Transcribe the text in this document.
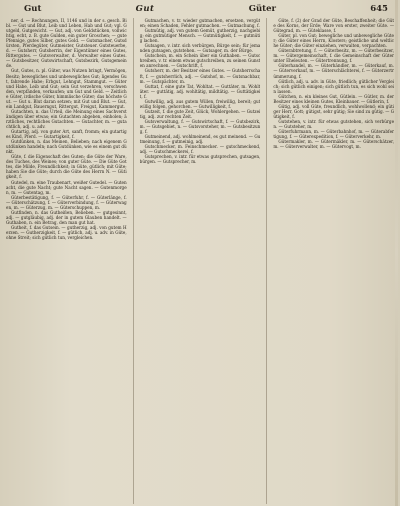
Gut	Gut	Güter	645

ner, d. — Rechnungen, II, 1146 und in der s. gesch. Bibl. — Gut und Blut, Leib und Leben, Hab und Gut; vgl. Gutgeld, Gutgewicht. — Gut, adj. von Geldstücken, vollwichtig, echt, z. B. gute Gulden, ein guter Groschen; — gute Pfennige, gutes Silber, gutes Gold. — Gutsmacher, Gutsdürsten, Pferdegüter, Gutmeister, Gutsteuer. Gutsteuerbe, d. — Gutsherr, Gutsherrin, der Eigentümer eines Gutes, Rittergutes. — Gutsverwalter, d. Verwalter eines Gutes. — Gutsbesitzer, Gutswirtschaft, Gutsbezirk, Gutsgemeinde.

Gut, Gutes, n. pl. Güter, was Nutzen bringt, Vermögen, Besitz; bewegliches und unbewegliches Gut; ligendes Gut, fahrende Habe; Erbgut, Lehngut, Stammgut. — Güter und Habe, Leib und Gut; sein Gut verzehren, verschwenden, verpfänden, verkaufen; um Gut und Geld. — Zeitliche Güter, irdische Güter, himmlische Güter; das höchste Gut. — Gut u. Blut daran setzen; mit Gut und Blut. — Gut, ein Landgut, Bauerngut, Rittergut, Freigut, Kammergut.

Gutachten, n. das Urteil, die Meinung eines Sachverständigen über etwas; ein Gutachten abgeben, einholen; ärztliches, rechtliches Gutachten. — Gutachter, m. — gutachtlich, adj. u. adv.

Gutartig, adj. von guter Art, sanft, fromm; ein gutartiges Kind, Pferd. — Gutartigkeit, f.

Gutdünken, n. das Meinen, Belieben; nach eigenem Gutdünken handeln; nach Gutdünken, wie es einem gut dünkt.

Güte, f. die Eigenschaft des Guten; die Güte der Ware, des Tuches, des Weines; von guter Güte. — Die Güte Gottes, die Milde, Freundlichkeit; in Güte, gütlich; mit Güte; haben Sie die Güte; durch die Güte des Herrn N. — Gütigkeit, f.

Gutedel, m. eine Traubenart, weißer Gutedel. — Gutenacht, die gute Nacht; gute Nacht sagen. — Gutenmorgen, m. — Gutentag, m.

Güterbestätigung, f. — Güterfuhr, f. — Güterlänge, f. — Güterschätzung, f. — Güterverbindung, f. — Güterwagen, m. — Güterzug, m. — Güterschuppen, m.

Gutfinden, n. das Gutheißen, Belieben. — gutgesinnt, adj. — gutgläubig, adj. der in gutem Glauben handelt. — Guthaben, n. ein Betrag, den man gut hat.

Gutheit, f. das Gutsein. — gutherzig, adj. von gutem Herzen. — Gutherzigkeit, f. — gütlich, adj. u. adv. in Güte, ohne Streit; sich gütlich tun, vergleichen.

Gutmachen, v. tr. wieder gutmachen, ersetzen, vergüten; einen Schaden, Fehler gutmachen. — Gutmachung, f.

Gutmütig, adj. von gutem Gemüt, gutherzig, nachgiebig; ein gutmütiger Mensch. — Gutmütigkeit, f. — gutmütig lachen.

Gutsagen, v. intr. sich verbürgen, Bürge sein; für jemanden gutsagen, gutstehen. — Gutsager, m. der Bürge.

Gutschein, m. ein Schein über ein Guthaben. — Gutschreiben, v. tr. einem etwas gutschreiben, zu seinen Gunsten anrechnen. — Gutschrift, f.

Gutsherr, m. der Besitzer eines Gutes. — Gutsherrschaft, f. — gutsherrlich, adj. — Gutshof, m. — Gutsnachbar, m. — Gutspächter, m.

Guttat, f. eine gute Tat, Wohltat. — Guttäter, m. Wohltäter. — guttätig, adj. wohltätig, mildtätig. — Guttätigkeit, f.

Gutwillig, adj. aus gutem Willen, freiwillig, bereit; gutwillig folgen, gehorchen. — Gutwilligkeit, f.

Gutzeit, f. die gute Zeit, Glück, Wohlergehen. — Gutzeitig, adj. zur rechten Zeit.

Gutsverwaltung, f. — Gutswirtschaft, f. — Gutsbezirk, m. — Gutsgebiet, n. — Gutsvorsteher, m. — Gutsbesitzung, f.

Gutmeinend, adj. wohlmeinend, es gut meinend. — Gutmeinung, f. — gutmeinig, adj.

Gutschmecker, m. Feinschmecker. — gutschmeckend, adj. — Gutschmeckerei, f.

Gutsprechen, v. intr. für etwas gutsprechen, gutsagen, bürgen. — Gutsprecher, m.

Güte, f. (2) der Grad der Güte, Beschaffenheit; die Güte des Korns, der Erde; Ware von erster, zweiter Güte. — Gütegrad, m. — Güteklasse, f.

Güter, pl. von Gut; bewegliche und unbewegliche Güter; die Güter eines Herrn, Klosters; geistliche und weltliche Güter; die Güter einziehen, verwalten, verpachten.

Güterabtretung, f. — Güterbesitz, m. — Güterbesitzer, m. — Gütergemeinschaft, f. die Gemeinschaft der Güter unter Eheleuten. — Gütertrennung, f.

Güterhandel, m. — Güterhändler, m. — Güterkauf, m. — Güterverkauf, m. — Güterschlächterei, f. — Güterzertrümmerung, f.

Gütlich, adj. u. adv. in Güte, friedlich; gütlicher Vergleich; sich gütlich einigen; sich gütlich tun, es sich wohl sein lassen.

Gütchen, n. ein kleines Gut, Gütlein. — Gütler, m. der Besitzer eines kleinen Gutes, Kleinbauer. — Gütlerin, f.

Gütig, adj. voll Güte, freundlich, wohlwollend; ein gütiger Herr, Gott; gütigst, sehr gütig; Sie sind zu gütig. — Gütigkeit, f.

Gutstehen, v. intr. für etwas gutstehen, sich verbürgen. — Gutsteher, m.

Güterfuhrmann, m. — Güterbahnhof, m. — Güterabfertigung, f. — Güterexpedition, f. — Güterverkehr, m.

Gütermakler, m. — Gütermäkler, m. — Güterschätzer, m. — Güterverwalter, m. — Gütervogt, m.
